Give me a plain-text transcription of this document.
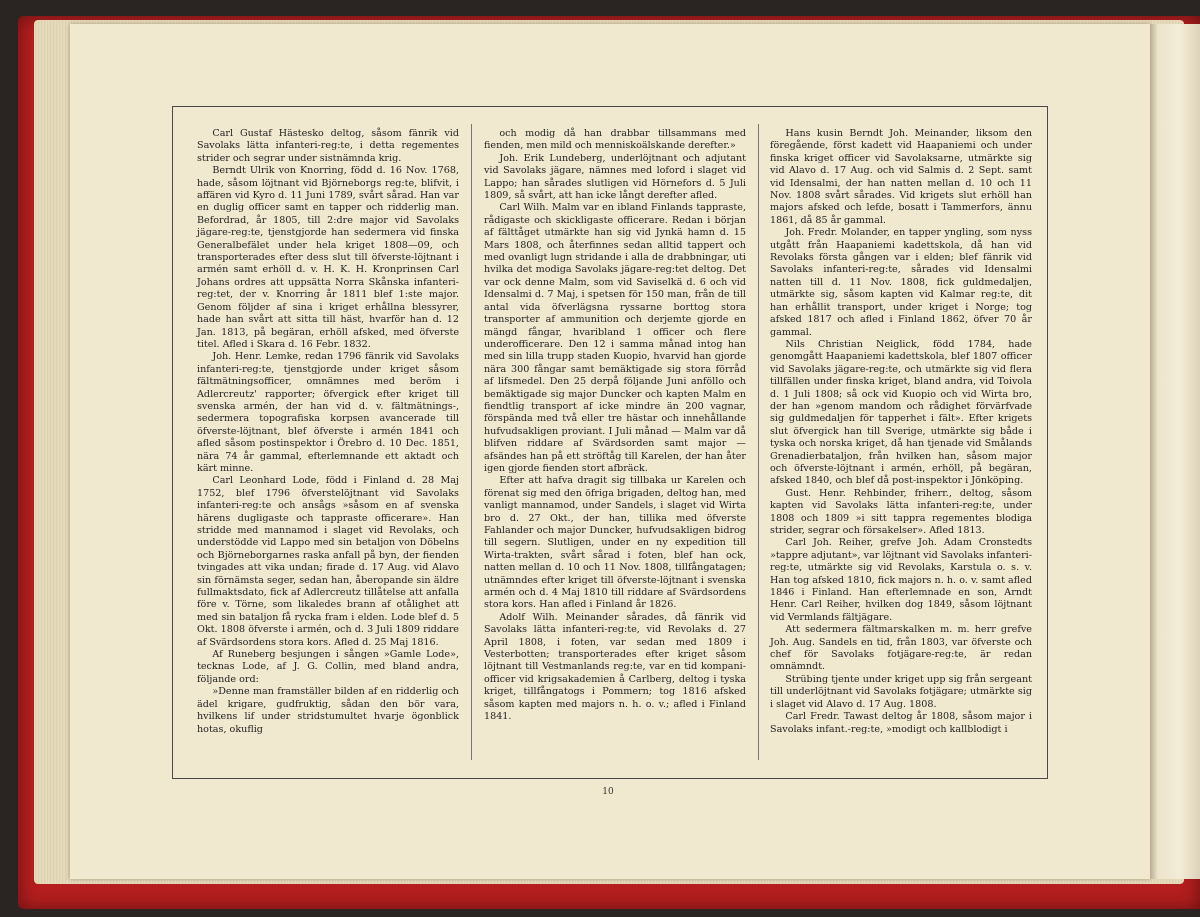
Carl Gustaf Hästesko deltog, såsom fänrik vid Savolaks lätta infanteri-reg:te, i detta regementes strider och segrar under sistnämnda krig.

Berndt Ulrik von Knorring, född d. 16 Nov. 1768, hade, såsom löjtnant vid Björneborgs reg:te, blifvit, i affären vid Kyro d. 11 Juni 1789, svårt sårad. Han var en duglig officer samt en tapper och ridderlig man. Befordrad, år 1805, till 2:dre major vid Savolaks jägare-reg:te, tjenstgjorde han sedermera vid finska Generalbefälet under hela kriget 1808—09, och transporterades efter dess slut till öfverste-löjtnant i armén samt erhöll d. v. H. K. H. Kronprinsen Carl Johans ordres att uppsätta Norra Skånska infanteri-reg:tet, der v. Knorring år 1811 blef 1:ste major. Genom följder af sina i kriget erhållna blessyrer, hade han svårt att sitta till häst, hvarför han d. 12 Jan. 1813, på begäran, erhöll afsked, med öfverste titel. Afled i Skara d. 16 Febr. 1832.

Joh. Henr. Lemke, redan 1796 fänrik vid Savolaks infanteri-reg:te, tjenstgjorde under kriget såsom fältmätningsofficer, omnämnes med beröm i Adlercreutz' rapporter; öfvergick efter kriget till svenska armén, der han vid d. v. fältmätnings-, sedermera topografiska korpsen avancerade till öfverste-löjtnant, blef öfverste i armén 1841 och afled såsom postinspektor i Örebro d. 10 Dec. 1851, nära 74 år gammal, efterlemnande ett aktadt och kärt minne.

Carl Leonhard Lode, född i Finland d. 28 Maj 1752, blef 1796 öfverstelöjtnant vid Savolaks infanteri-reg:te och ansågs »såsom en af svenska härens dugligaste och tappraste officerare». Han stridde med mannamod i slaget vid Revolaks, och understödde vid Lappo med sin betaljon von Döbelns och Björneborgarnes raska anfall på byn, der fienden tvingades att vika undan; firade d. 17 Aug. vid Alavo sin förnämsta seger, sedan han, åberopande sin äldre fullmaktsdato, fick af Adlercreutz tillåtelse att anfalla före v. Törne, som likaledes brann af otålighet att med sin bataljon få rycka fram i elden. Lode blef d. 5 Okt. 1808 öfverste i armén, och d. 3 Juli 1809 riddare af Svärdsordens stora kors. Afled d. 25 Maj 1816.

Af Runeberg besjungen i sången »Gamle Lode», tecknas Lode, af J. G. Collin, med bland andra, följande ord:

»Denne man framställer bilden af en ridderlig och ädel krigare, gudfruktig, sådan den bör vara, hvilkens lif under stridstumultet hvarje ögonblick hotas, okuflig

och modig då han drabbar tillsammans med fienden, men mild och menniskoälskande derefter.»

Joh. Erik Lundeberg, underlöjtnant och adjutant vid Savolaks jägare, nämnes med loford i slaget vid Lappo; han sårades slutligen vid Hörnefors d. 5 Juli 1809, så svårt, att han icke långt derefter afled.

Carl Wilh. Malm var en ibland Finlands tappraste, rådigaste och skickligaste officerare. Redan i början af fälttåget utmärkte han sig vid Jynkä hamn d. 15 Mars 1808, och återfinnes sedan alltid tappert och med ovanligt lugn stridande i alla de drabbningar, uti hvilka det modiga Savolaks jägare-reg:tet deltog. Det var ock denne Malm, som vid Saviselkä d. 6 och vid Idensalmi d. 7 Maj, i spetsen för 150 man, från de till antal vida öfverlägsna ryssarne borttog stora transporter af ammunition och derjemte gjorde en mängd fångar, hvaribland 1 officer och flere underofficerare. Den 12 i samma månad intog han med sin lilla trupp staden Kuopio, hvarvid han gjorde nära 300 fångar samt bemäktigade sig stora förråd af lifsmedel. Den 25 derpå följande Juni anföllo och bemäktigade sig major Duncker och kapten Malm en fiendtlig transport af icke mindre än 200 vagnar, förspända med två eller tre hästar och innehållande hufvudsakligen proviant. I Juli månad — Malm var då blifven riddare af Svärdsorden samt major — afsändes han på ett ströftåg till Karelen, der han åter igen gjorde fienden stort afbräck.

Efter att hafva dragit sig tillbaka ur Karelen och förenat sig med den öfriga brigaden, deltog han, med vanligt mannamod, under Sandels, i slaget vid Wirta bro d. 27 Okt., der han, tillika med öfverste Fahlander och major Duncker, hufvudsakligen bidrog till segern. Slutligen, under en ny expedition till Wirta-trakten, svårt sårad i foten, blef han ock, natten mellan d. 10 och 11 Nov. 1808, tillfångatagen; utnämndes efter kriget till öfverste-löjtnant i svenska armén och d. 4 Maj 1810 till riddare af Svärdsordens stora kors. Han afled i Finland år 1826.

Adolf Wilh. Meinander sårades, då fänrik vid Savolaks lätta infanteri-reg:te, vid Revolaks d. 27 April 1808, i foten, var sedan med 1809 i Vesterbotten; transporterades efter kriget såsom löjtnant till Vestmanlands reg:te, var en tid kompani-officer vid krigsakademien å Carlberg, deltog i tyska kriget, tillfångatogs i Pommern; tog 1816 afsked såsom kapten med majors n. h. o. v.; afled i Finland 1841.

Hans kusin Berndt Joh. Meinander, liksom den föregående, först kadett vid Haapaniemi och under finska kriget officer vid Savolaksarne, utmärkte sig vid Alavo d. 17 Aug. och vid Salmis d. 2 Sept. samt vid Idensalmi, der han natten mellan d. 10 och 11 Nov. 1808 svårt sårades. Vid krigets slut erhöll han majors afsked och lefde, bosatt i Tammerfors, ännu 1861, då 85 år gammal.

Joh. Fredr. Molander, en tapper yngling, som nyss utgått från Haapaniemi kadettskola, då han vid Revolaks första gången var i elden; blef fänrik vid Savolaks infanteri-reg:te, sårades vid Idensalmi natten till d. 11 Nov. 1808, fick guldmedaljen, utmärkte sig, såsom kapten vid Kalmar reg:te, dit han erhållit transport, under kriget i Norge; tog afsked 1817 och afled i Finland 1862, öfver 70 år gammal.

Nils Christian Neiglick, född 1784, hade genomgått Haapaniemi kadettskola, blef 1807 officer vid Savolaks jägare-reg:te, och utmärkte sig vid flera tillfällen under finska kriget, bland andra, vid Toivola d. 1 Juli 1808; så ock vid Kuopio och vid Wirta bro, der han »genom mandom och rådighet förvärfvade sig guldmedaljen för tapperhet i fält». Efter krigets slut öfvergick han till Sverige, utmärkte sig både i tyska och norska kriget, då han tjenade vid Smålands Grenadierbataljon, från hvilken han, såsom major och öfverste-löjtnant i armén, erhöll, på begäran, afsked 1840, och blef då post-inspektor i Jönköping.

Gust. Henr. Rehbinder, friherr., deltog, såsom kapten vid Savolaks lätta infanteri-reg:te, under 1808 och 1809 »i sitt tappra regementes blodiga strider, segrar och försakelser». Afled 1813.

Carl Joh. Reiher, grefve Joh. Adam Cronstedts »tappre adjutant», var löjtnant vid Savolaks infanteri-reg:te, utmärkte sig vid Revolaks, Karstula o. s. v. Han tog afsked 1810, fick majors n. h. o. v. samt afled 1846 i Finland. Han efterlemnade en son, Arndt Henr. Carl Reiher, hvilken dog 1849, såsom löjtnant vid Vermlands fältjägare.

Att sedermera fältmarskalken m. m. herr grefve Joh. Aug. Sandels en tid, från 1803, var öfverste och chef för Savolaks fotjägare-reg:te, är redan omnämndt.

Strübing tjente under kriget upp sig från sergeant till underlöjtnant vid Savolaks fotjägare; utmärkte sig i slaget vid Alavo d. 17 Aug. 1808.

Carl Fredr. Tawast deltog år 1808, såsom major i Savolaks infant.-reg:te, »modigt och kallblodigt i

10
